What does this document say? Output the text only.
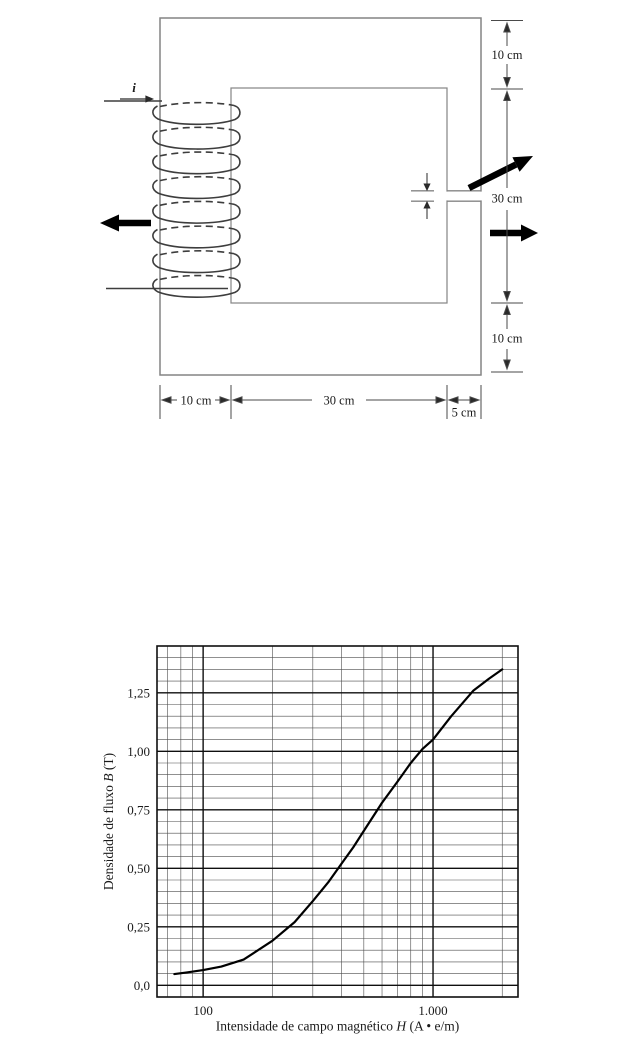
i
10 cm	30 cm
5 cm
10 cm
30 cm
10 cm
0,0
0,25
0,50
0,75
1,00
1,25
100	1.000
Intensidade de campo magnético H (A • e/m)
Densidade de fluxo B (T)
